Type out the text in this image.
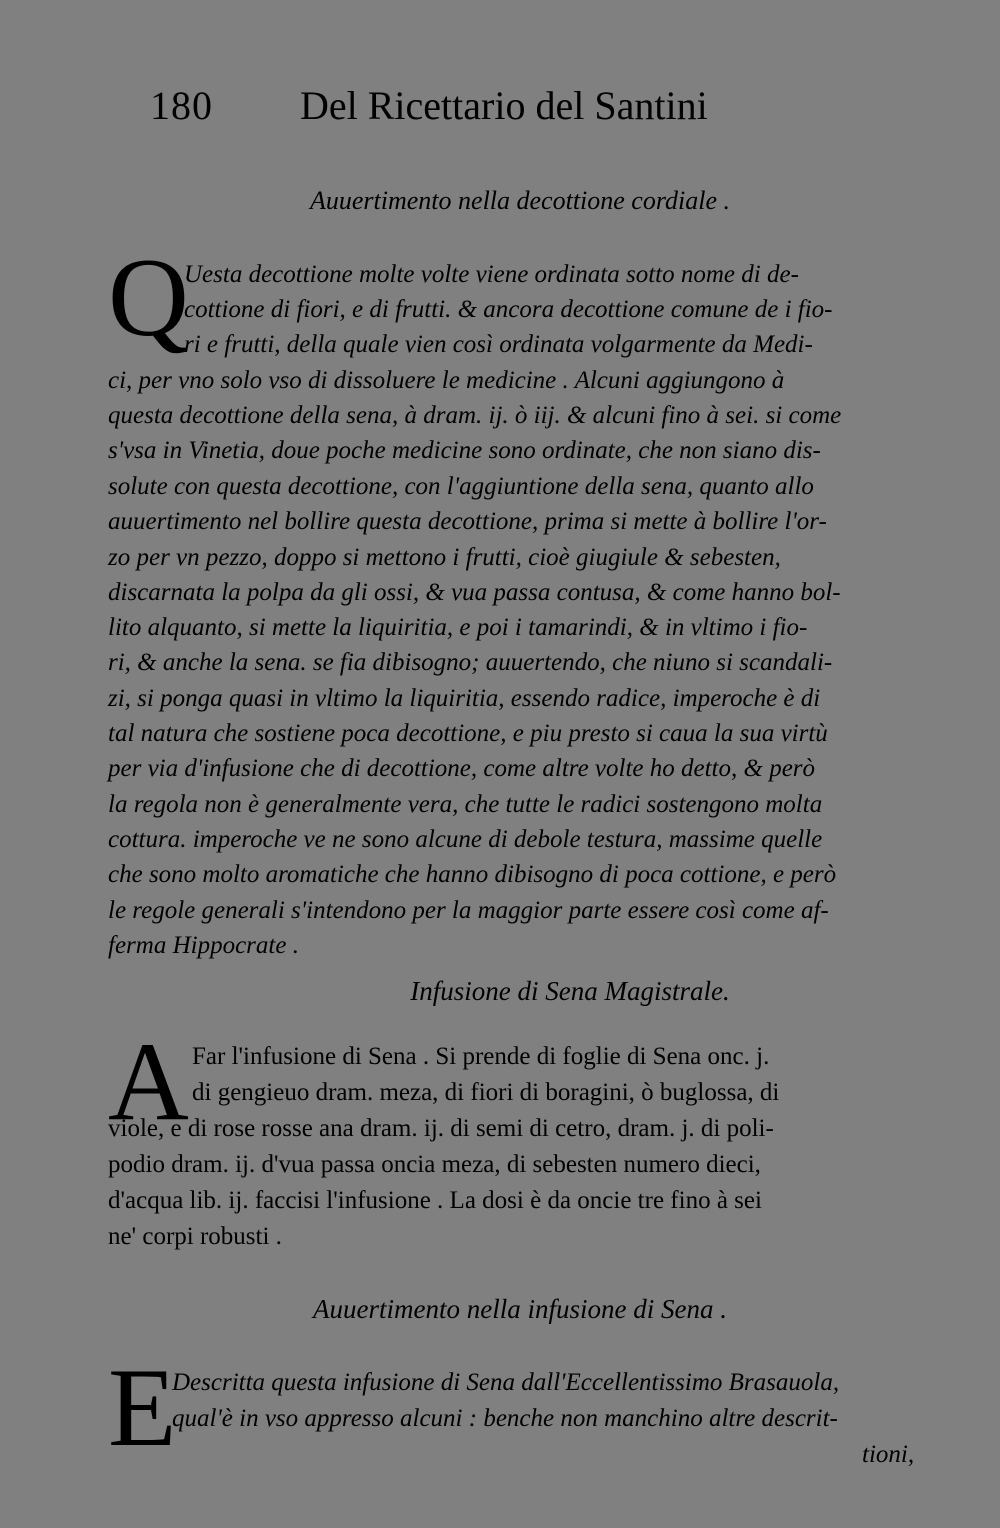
180 Del Ricettario del Santini
Auuertimento nella decottione cordiale .
Q
Uesta decottione molte volte viene ordinata sotto nome di de-
cottione di fiori, e di frutti. & ancora decottione comune de i fio-
ri e frutti, della quale vien così ordinata volgarmente da Medi-
ci, per vno solo vso di dissoluere le medicine . Alcuni aggiungono à
questa decottione della sena, à dram. ij. ò iij. & alcuni fino à sei. si come
s'vsa in Vinetia, doue poche medicine sono ordinate, che non siano dis-
solute con questa decottione, con l'aggiuntione della sena, quanto allo
auuertimento nel bollire questa decottione, prima si mette à bollire l'or-
zo per vn pezzo, doppo si mettono i frutti, cioè giugiule & sebesten,
discarnata la polpa da gli ossi, & vua passa contusa, & come hanno bol-
lito alquanto, si mette la liquiritia, e poi i tamarindi, & in vltimo i fio-
ri, & anche la sena. se fia dibisogno; auuertendo, che niuno si scandali-
zi, si ponga quasi in vltimo la liquiritia, essendo radice, imperoche è di
tal natura che sostiene poca decottione, e piu presto si caua la sua virtù
per via d'infusione che di decottione, come altre volte ho detto, & però
la regola non è generalmente vera, che tutte le radici sostengono molta
cottura. imperoche ve ne sono alcune di debole testura, massime quelle
che sono molto aromatiche che hanno dibisogno di poca cottione, e però
le regole generali s'intendono per la maggior parte essere così come af-
ferma Hippocrate .
Infusione di Sena Magistrale.
A Far l'infusione di Sena . Si prende di foglie di Sena onc. j.
di gengieuo dram. meza, di fiori di boragini, ò buglossa, di
viole, e di rose rosse ana dram. ij. di semi di cetro, dram. j. di poli-
podio dram. ij. d'vua passa oncia meza, di sebesten numero dieci,
d'acqua lib. ij. faccisi l'infusione . La dosi è da oncie tre fino à sei
ne' corpi robusti .
Auuertimento nella infusione di Sena .
E
Descritta questa infusione di Sena dall'Eccellentissimo Brasauola,
qual'è in vso appresso alcuni : benche non manchino altre descrit-
tioni,
